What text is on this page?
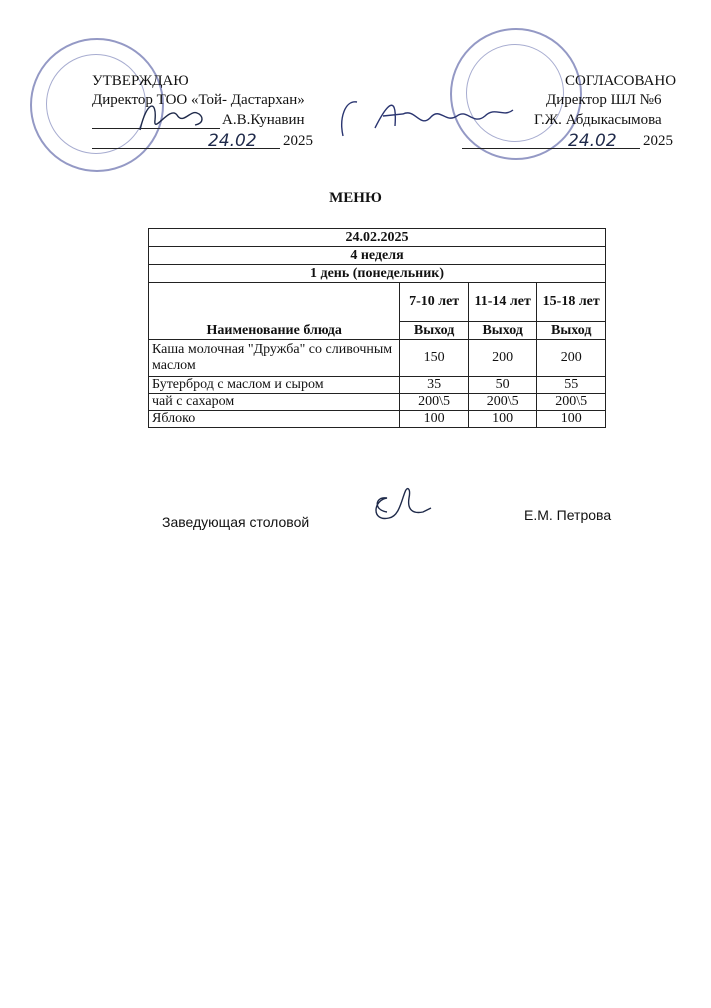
УТВЕРЖДАЮ
Директор ТОО «Той- Дастархан»
А.В.Кунавин
24.02 2025
СОГЛАСОВАНО
Директор ШЛ №6
Г.Ж. Абдыкасымова
24.02 2025
МЕНЮ
24.02.2025			
4 неделя			
1 день (понедельник)			
Наименование блюда	7-10 лет	11-14 лет	15-18 лет
	Выход	Выход	Выход
Каша молочная "Дружба" со сливочным маслом	150	200	200
Бутерброд с маслом и сыром	35	50	55
чай с сахаром	200\5	200\5	200\5
Яблоко	100	100	100
Заведующая столовой	Е.М. Петрова
